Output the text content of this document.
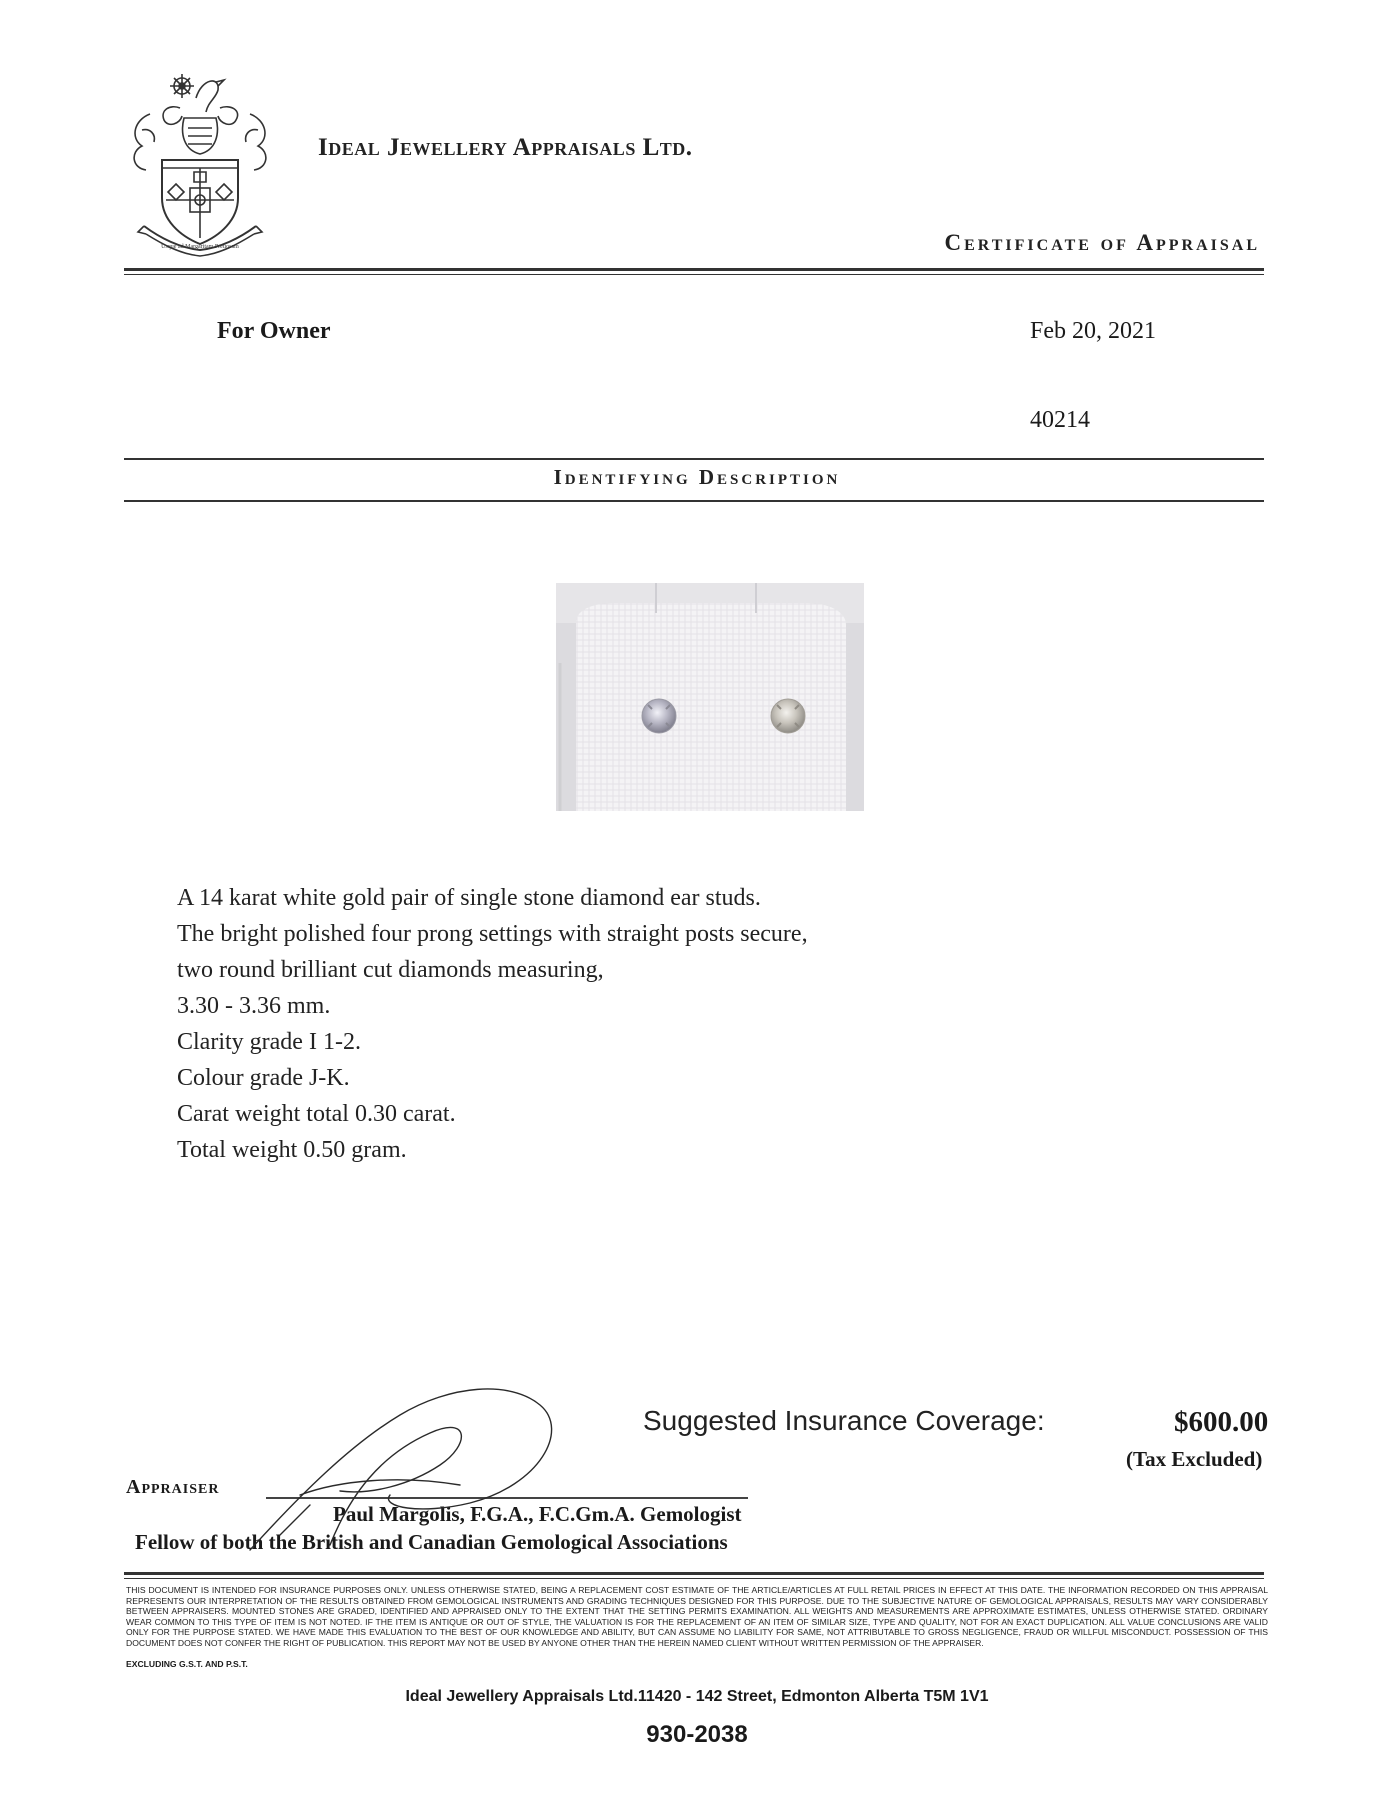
Usque ad Margaritam Pretiosam
Ideal Jewellery Appraisals Ltd.
Certificate of Appraisal
For Owner	Feb 20, 2021
40214
Identifying Description
A 14 karat white gold pair of single stone diamond ear studs.
The bright polished four prong settings with straight posts secure,
two round brilliant cut diamonds measuring,
3.30 - 3.36 mm.
Clarity grade I 1-2.
Colour grade J-K.
Carat weight total 0.30 carat.
Total weight 0.50 gram.
Suggested Insurance Coverage:	$600.00
(Tax Excluded)
Appraiser
Paul Margolis, F.G.A., F.C.Gm.A. Gemologist
Fellow of both the British and Canadian Gemological Associations
THIS DOCUMENT IS INTENDED FOR INSURANCE PURPOSES ONLY. UNLESS OTHERWISE STATED, BEING A REPLACEMENT COST ESTIMATE OF THE ARTICLE/ARTICLES AT FULL RETAIL PRICES IN EFFECT AT THIS DATE. THE INFORMATION RECORDED ON THIS APPRAISAL REPRESENTS OUR INTERPRETATION OF THE RESULTS OBTAINED FROM GEMOLOGICAL INSTRUMENTS AND GRADING TECHNIQUES DESIGNED FOR THIS PURPOSE. DUE TO THE SUBJECTIVE NATURE OF GEMOLOGICAL APPRAISALS, RESULTS MAY VARY CONSIDERABLY BETWEEN APPRAISERS. MOUNTED STONES ARE GRADED, IDENTIFIED AND APPRAISED ONLY TO THE EXTENT THAT THE SETTING PERMITS EXAMINATION. ALL WEIGHTS AND MEASUREMENTS ARE APPROXIMATE ESTIMATES, UNLESS OTHERWISE STATED. ORDINARY WEAR COMMON TO THIS TYPE OF ITEM IS NOT NOTED. IF THE ITEM IS ANTIQUE OR OUT OF STYLE, THE VALUATION IS FOR THE REPLACEMENT OF AN ITEM OF SIMILAR SIZE, TYPE AND QUALITY, NOT FOR AN EXACT DUPLICATION. ALL VALUE CONCLUSIONS ARE VALID ONLY FOR THE PURPOSE STATED. WE HAVE MADE THIS EVALUATION TO THE BEST OF OUR KNOWLEDGE AND ABILITY, BUT CAN ASSUME NO LIABILITY FOR SAME, NOT ATTRIBUTABLE TO GROSS NEGLIGENCE, FRAUD OR WILLFUL MISCONDUCT. POSSESSION OF THIS DOCUMENT DOES NOT CONFER THE RIGHT OF PUBLICATION. THIS REPORT MAY NOT BE USED BY ANYONE OTHER THAN THE HEREIN NAMED CLIENT WITHOUT WRITTEN PERMISSION OF THE APPRAISER.
EXCLUDING G.S.T. AND P.S.T.
Ideal Jewellery Appraisals Ltd.11420 - 142 Street, Edmonton Alberta T5M 1V1
930-2038
